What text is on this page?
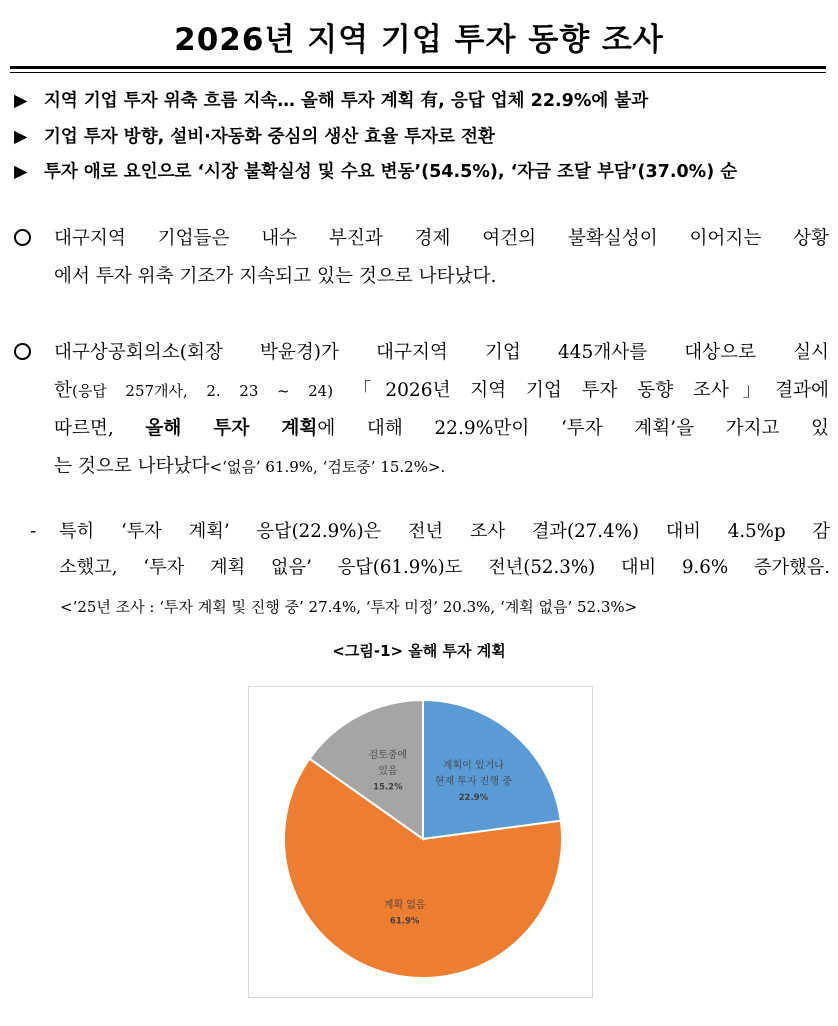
2026년 지역 기업 투자 동향 조사
▶ 지역 기업 투자 위축 흐름 지속… 올해 투자 계획 有, 응답 업체 22.9%에 불과
▶ 기업 투자 방향, 설비·자동화 중심의 생산 효율 투자로 전환
▶ 투자 애로 요인으로 ‘시장 불확실성 및 수요 변동’(54.5%), ‘자금 조달 부담’(37.0%) 순
대구지역 기업들은 내수 부진과 경제 여건의 불확실성이 이어지는 상황
에서 투자 위축 기조가 지속되고 있는 것으로 나타났다.
대구상공회의소(회장 박윤경)가 대구지역 기업 445개사를 대상으로 실시
한(응답 257개사, 2. 23 ~ 24) 「2026년 지역 기업 투자 동향 조사」결과에
따르면, 올해 투자 계획에 대해 22.9%만이 ‘투자 계획’을 가지고 있
는 것으로 나타났다<‘없음’ 61.9%, ‘검토중’ 15.2%>.
- 특히 ‘투자 계획’ 응답(22.9%)은 전년 조사 결과(27.4%) 대비 4.5%p 감
소했고, ‘투자 계획 없음’ 응답(61.9%)도 전년(52.3%) 대비 9.6% 증가했음.
<’25년 조사 : ‘투자 계획 및 진행 중’ 27.4%, ‘투자 미정’ 20.3%, ‘계획 없음’ 52.3%>
<그림-1> 올해 투자 계획
계획이 있거나
현재 투자 진행 중
22.9%
계획 없음
61.9%
검토중에
있음
15.2%
